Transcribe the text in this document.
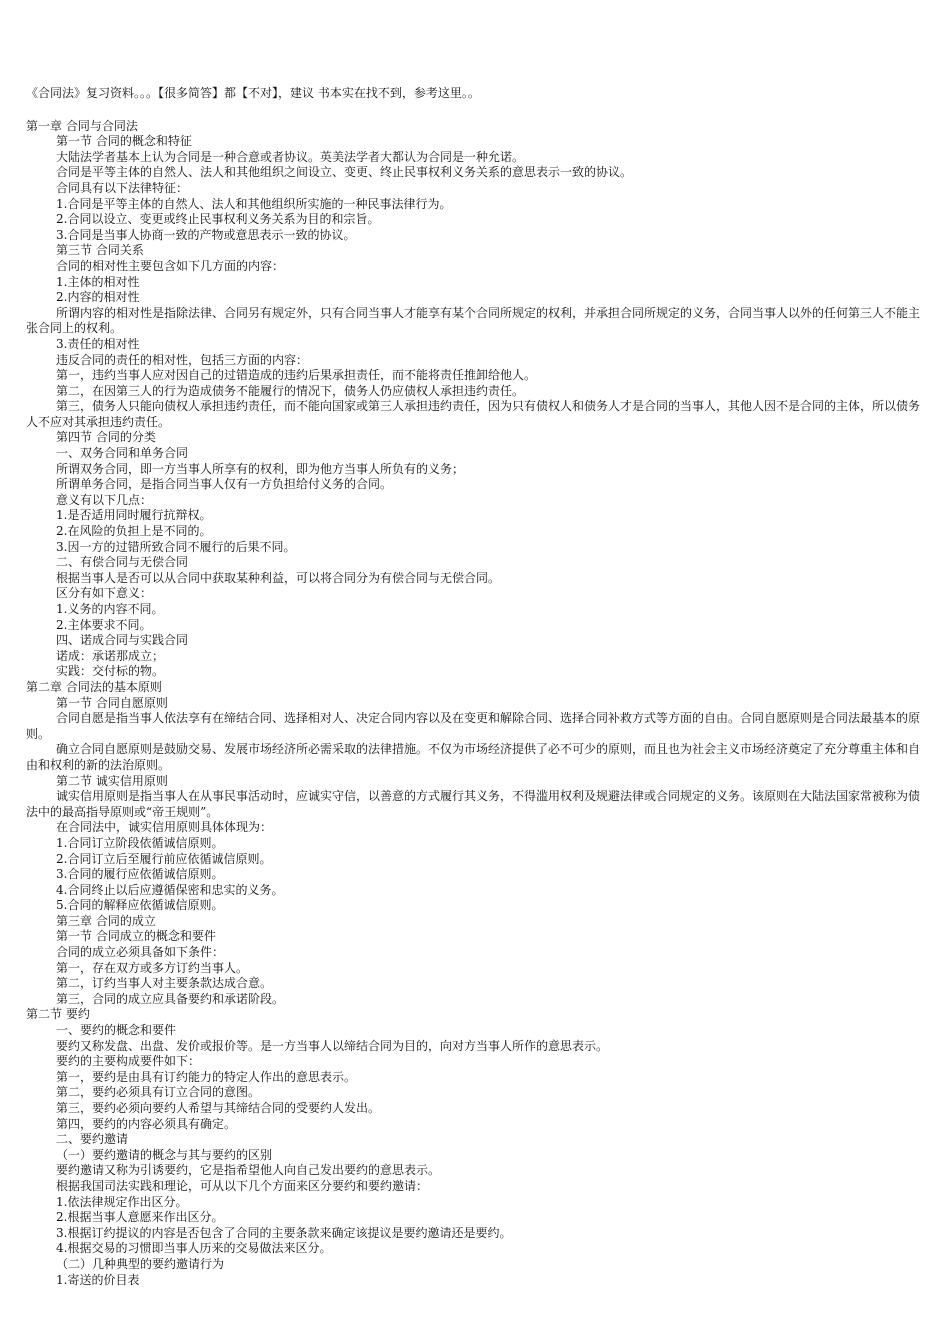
《合同法》复习资料。。。【很多简答】都【不对】，建议 书本实在找不到，参考这里。。
第一章 合同与合同法
第一节 合同的概念和特征
大陆法学者基本上认为合同是一种合意或者协议。英美法学者大都认为合同是一种允诺。
合同是平等主体的自然人、法人和其他组织之间设立、变更、终止民事权利义务关系的意思表示一致的协议。
合同具有以下法律特征：
1.合同是平等主体的自然人、法人和其他组织所实施的一种民事法律行为。
2.合同以设立、变更或终止民事权利义务关系为目的和宗旨。
3.合同是当事人协商一致的产物或意思表示一致的协议。
第三节 合同关系
合同的相对性主要包含如下几方面的内容：
1.主体的相对性
2.内容的相对性
所谓内容的相对性是指除法律、合同另有规定外，只有合同当事人才能享有某个合同所规定的权利，并承担合同所规定的义务，合同当事人以外的任何第三人不能主张合同上的权利。
3.责任的相对性
违反合同的责任的相对性，包括三方面的内容：
第一，违约当事人应对因自己的过错造成的违约后果承担责任，而不能将责任推卸给他人。
第二，在因第三人的行为造成债务不能履行的情况下，债务人仍应债权人承担违约责任。
第三，债务人只能向债权人承担违约责任，而不能向国家或第三人承担违约责任，因为只有债权人和债务人才是合同的当事人，其他人因不是合同的主体，所以债务人不应对其承担违约责任。
第四节 合同的分类
一、双务合同和单务合同
所谓双务合同，即一方当事人所享有的权利，即为他方当事人所负有的义务；
所谓单务合同，是指合同当事人仅有一方负担给付义务的合同。
意义有以下几点：
1.是否适用同时履行抗辩权。
2.在风险的负担上是不同的。
3.因一方的过错所致合同不履行的后果不同。
二、有偿合同与无偿合同
根据当事人是否可以从合同中获取某种利益，可以将合同分为有偿合同与无偿合同。
区分有如下意义：
1.义务的内容不同。
2.主体要求不同。
四、诺成合同与实践合同
诺成：承诺那成立；
实践：交付标的物。
第二章 合同法的基本原则
第一节 合同自愿原则
合同自愿是指当事人依法享有在缔结合同、选择相对人、决定合同内容以及在变更和解除合同、选择合同补救方式等方面的自由。合同自愿原则是合同法最基本的原则。
确立合同自愿原则是鼓励交易、发展市场经济所必需采取的法律措施。不仅为市场经济提供了必不可少的原则，而且也为社会主义市场经济奠定了充分尊重主体和自由和权利的新的法治原则。
第二节 诚实信用原则
诚实信用原则是指当事人在从事民事活动时，应诚实守信，以善意的方式履行其义务，不得滥用权利及规避法律或合同规定的义务。该原则在大陆法国家常被称为债法中的最高指导原则或“帝王规则”。
在合同法中，诚实信用原则具体体现为：
1.合同订立阶段依循诚信原则。
2.合同订立后至履行前应依循诚信原则。
3.合同的履行应依循诚信原则。
4.合同终止以后应遵循保密和忠实的义务。
5.合同的解释应依循诚信原则。
第三章 合同的成立
第一节 合同成立的概念和要件
合同的成立必须具备如下条件：
第一，存在双方或多方订约当事人。
第二，订约当事人对主要条款达成合意。
第三，合同的成立应具备要约和承诺阶段。
第二节 要约
一、要约的概念和要件
要约又称发盘、出盘、发价或报价等。是一方当事人以缔结合同为目的，向对方当事人所作的意思表示。
要约的主要构成要件如下：
第一，要约是由具有订约能力的特定人作出的意思表示。
第二，要约必须具有订立合同的意图。
第三，要约必须向要约人希望与其缔结合同的受要约人发出。
第四，要约的内容必须具有确定。
二、要约邀请
（一）要约邀请的概念与其与要约的区别
要约邀请又称为引诱要约，它是指希望他人向自己发出要约的意思表示。
根据我国司法实践和理论，可从以下几个方面来区分要约和要约邀请：
1.依法律规定作出区分。
2.根据当事人意愿来作出区分。
3.根据订约提议的内容是否包含了合同的主要条款来确定该提议是要约邀请还是要约。
4.根据交易的习惯即当事人历来的交易做法来区分。
（二）几种典型的要约邀请行为
1.寄送的价目表
